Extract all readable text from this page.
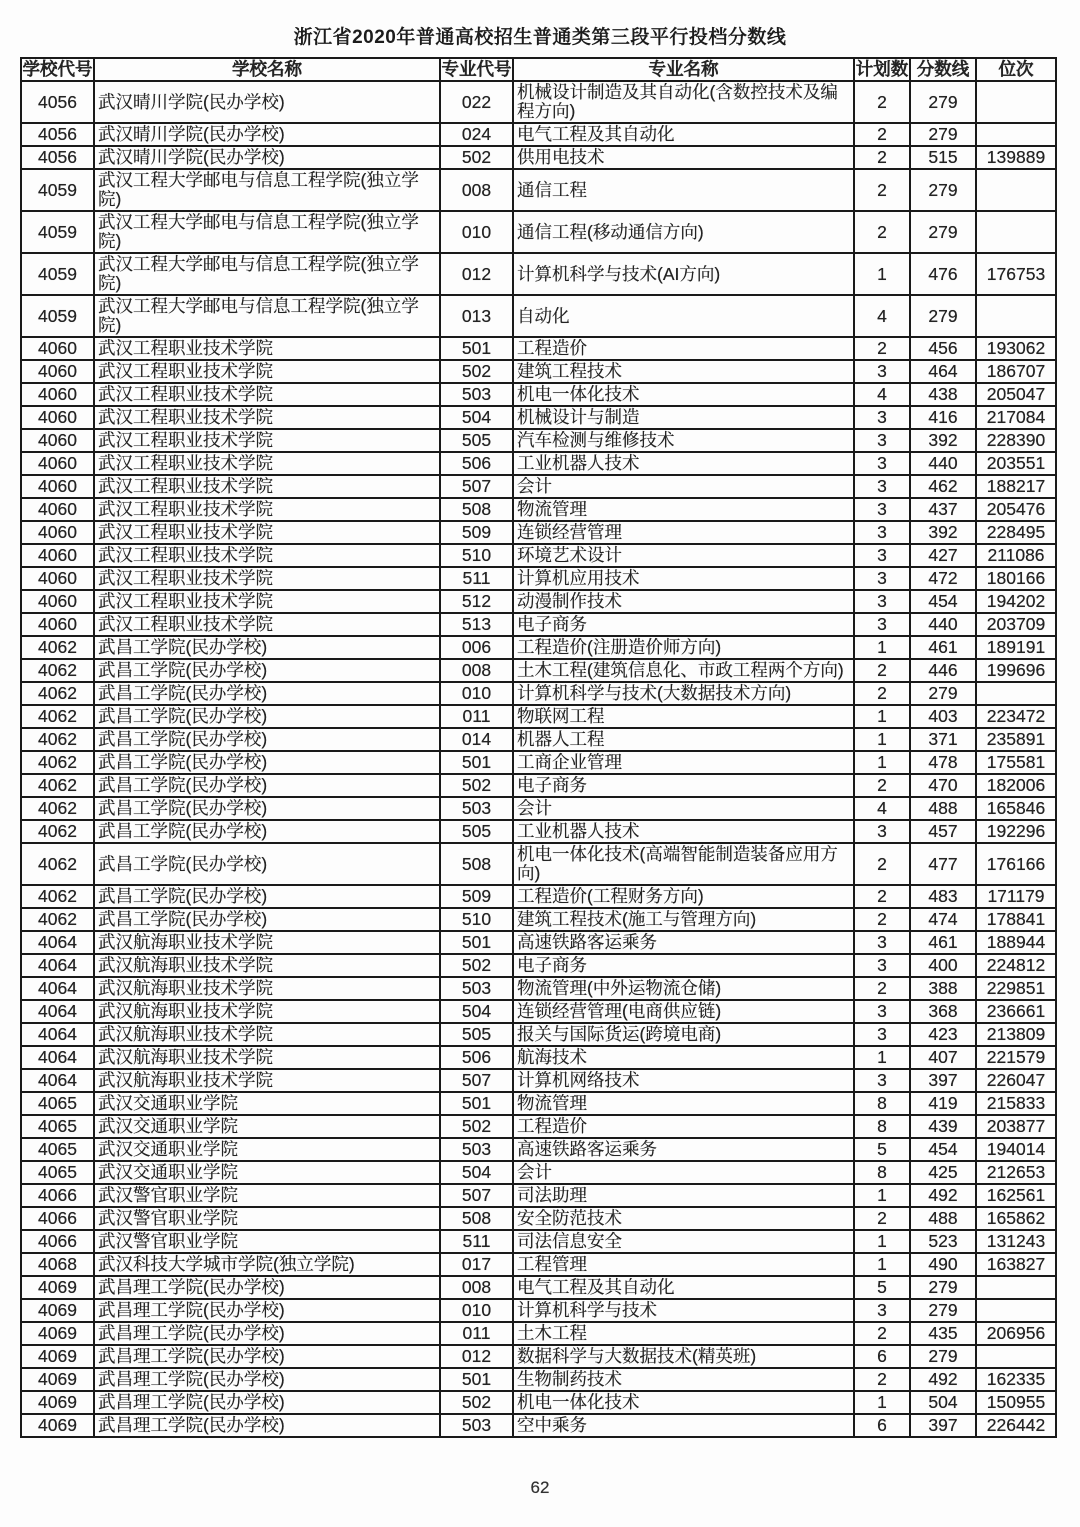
浙江省2020年普通高校招生普通类第三段平行投档分数线
学校代号	学校名称	专业代号	专业名称	计划数	分数线	位次
4056	武汉晴川学院(民办学校)	022	机械设计制造及其自动化(含数控技术及编程方向)	2	279	
4056	武汉晴川学院(民办学校)	024	电气工程及其自动化	2	279	
4056	武汉晴川学院(民办学校)	502	供用电技术	2	515	139889
4059	武汉工程大学邮电与信息工程学院(独立学院)	008	通信工程	2	279	
4059	武汉工程大学邮电与信息工程学院(独立学院)	010	通信工程(移动通信方向)	2	279	
4059	武汉工程大学邮电与信息工程学院(独立学院)	012	计算机科学与技术(AI方向)	1	476	176753
4059	武汉工程大学邮电与信息工程学院(独立学院)	013	自动化	4	279	
4060	武汉工程职业技术学院	501	工程造价	2	456	193062
4060	武汉工程职业技术学院	502	建筑工程技术	3	464	186707
4060	武汉工程职业技术学院	503	机电一体化技术	4	438	205047
4060	武汉工程职业技术学院	504	机械设计与制造	3	416	217084
4060	武汉工程职业技术学院	505	汽车检测与维修技术	3	392	228390
4060	武汉工程职业技术学院	506	工业机器人技术	3	440	203551
4060	武汉工程职业技术学院	507	会计	3	462	188217
4060	武汉工程职业技术学院	508	物流管理	3	437	205476
4060	武汉工程职业技术学院	509	连锁经营管理	3	392	228495
4060	武汉工程职业技术学院	510	环境艺术设计	3	427	211086
4060	武汉工程职业技术学院	511	计算机应用技术	3	472	180166
4060	武汉工程职业技术学院	512	动漫制作技术	3	454	194202
4060	武汉工程职业技术学院	513	电子商务	3	440	203709
4062	武昌工学院(民办学校)	006	工程造价(注册造价师方向)	1	461	189191
4062	武昌工学院(民办学校)	008	土木工程(建筑信息化、市政工程两个方向)	2	446	199696
4062	武昌工学院(民办学校)	010	计算机科学与技术(大数据技术方向)	2	279	
4062	武昌工学院(民办学校)	011	物联网工程	1	403	223472
4062	武昌工学院(民办学校)	014	机器人工程	1	371	235891
4062	武昌工学院(民办学校)	501	工商企业管理	1	478	175581
4062	武昌工学院(民办学校)	502	电子商务	2	470	182006
4062	武昌工学院(民办学校)	503	会计	4	488	165846
4062	武昌工学院(民办学校)	505	工业机器人技术	3	457	192296
4062	武昌工学院(民办学校)	508	机电一体化技术(高端智能制造装备应用方向)	2	477	176166
4062	武昌工学院(民办学校)	509	工程造价(工程财务方向)	2	483	171179
4062	武昌工学院(民办学校)	510	建筑工程技术(施工与管理方向)	2	474	178841
4064	武汉航海职业技术学院	501	高速铁路客运乘务	3	461	188944
4064	武汉航海职业技术学院	502	电子商务	3	400	224812
4064	武汉航海职业技术学院	503	物流管理(中外运物流仓储)	2	388	229851
4064	武汉航海职业技术学院	504	连锁经营管理(电商供应链)	3	368	236661
4064	武汉航海职业技术学院	505	报关与国际货运(跨境电商)	3	423	213809
4064	武汉航海职业技术学院	506	航海技术	1	407	221579
4064	武汉航海职业技术学院	507	计算机网络技术	3	397	226047
4065	武汉交通职业学院	501	物流管理	8	419	215833
4065	武汉交通职业学院	502	工程造价	8	439	203877
4065	武汉交通职业学院	503	高速铁路客运乘务	5	454	194014
4065	武汉交通职业学院	504	会计	8	425	212653
4066	武汉警官职业学院	507	司法助理	1	492	162561
4066	武汉警官职业学院	508	安全防范技术	2	488	165862
4066	武汉警官职业学院	511	司法信息安全	1	523	131243
4068	武汉科技大学城市学院(独立学院)	017	工程管理	1	490	163827
4069	武昌理工学院(民办学校)	008	电气工程及其自动化	5	279	
4069	武昌理工学院(民办学校)	010	计算机科学与技术	3	279	
4069	武昌理工学院(民办学校)	011	土木工程	2	435	206956
4069	武昌理工学院(民办学校)	012	数据科学与大数据技术(精英班)	6	279	
4069	武昌理工学院(民办学校)	501	生物制药技术	2	492	162335
4069	武昌理工学院(民办学校)	502	机电一体化技术	1	504	150955
4069	武昌理工学院(民办学校)	503	空中乘务	6	397	226442
62
